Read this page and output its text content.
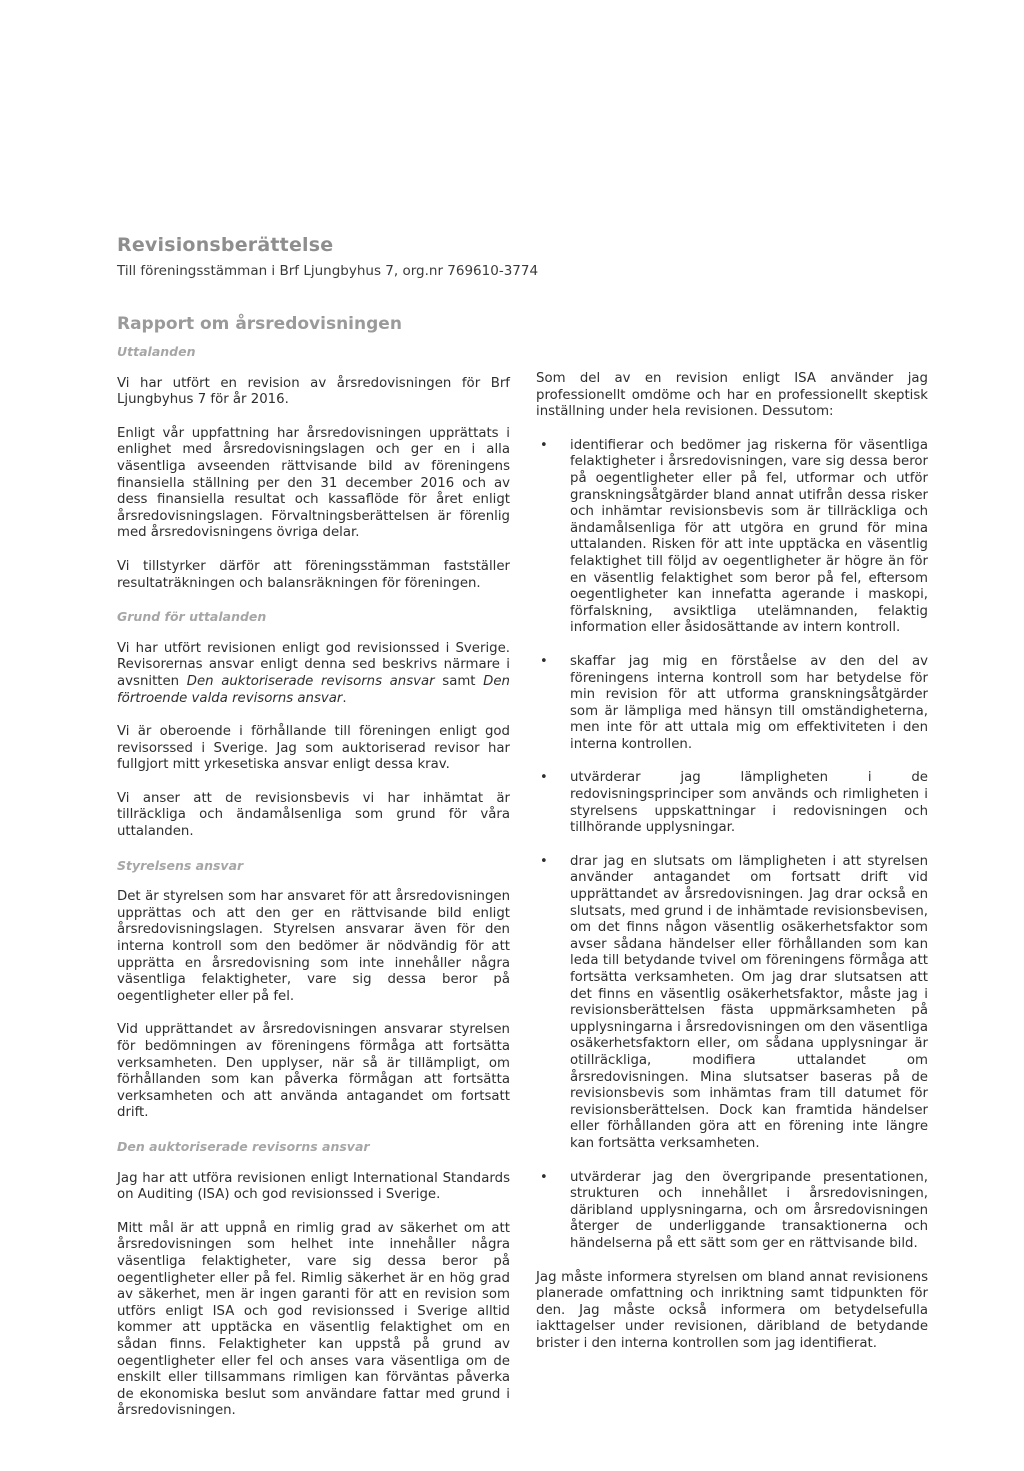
Revisionsberättelse
Till föreningsstämman i Brf Ljungbyhus 7, org.nr 769610-3774
Rapport om årsredovisningen
Uttalanden

Vi har utfört en revision av årsredovisningen för Brf Ljungbyhus 7 för år 2016.

Enligt vår uppfattning har årsredovisningen upprättats i enlighet med årsredovisningslagen och ger en i alla väsentliga avseenden rättvisande bild av föreningens finansiella ställning per den 31 december 2016 och av dess finansiella resultat och kassaflöde för året enligt årsredovisningslagen. Förvaltningsberättelsen är förenlig med årsredovisningens övriga delar.

Vi tillstyrker därför att föreningsstämman fastställer resultaträkningen och balansräkningen för föreningen.

Grund för uttalanden

Vi har utfört revisionen enligt god revisionssed i Sverige. Revisorernas ansvar enligt denna sed beskrivs närmare i avsnitten Den auktoriserade revisorns ansvar samt Den förtroende valda revisorns ansvar.

Vi är oberoende i förhållande till föreningen enligt god revisorssed i Sverige. Jag som auktoriserad revisor har fullgjort mitt yrkesetiska ansvar enligt dessa krav.

Vi anser att de revisionsbevis vi har inhämtat är tillräckliga och ändamålsenliga som grund för våra uttalanden.

Styrelsens ansvar

Det är styrelsen som har ansvaret för att årsredovisningen upprättas och att den ger en rättvisande bild enligt årsredovisningslagen. Styrelsen ansvarar även för den interna kontroll som den bedömer är nödvändig för att upprätta en årsredovisning som inte innehåller några väsentliga felaktigheter, vare sig dessa beror på oegentligheter eller på fel.

Vid upprättandet av årsredovisningen ansvarar styrelsen för bedömningen av föreningens förmåga att fortsätta verksamheten. Den upplyser, när så är tillämpligt, om förhållanden som kan påverka förmågan att fortsätta verksamheten och att använda antagandet om fortsatt drift.

Den auktoriserade revisorns ansvar

Jag har att utföra revisionen enligt International Standards on Auditing (ISA) och god revisionssed i Sverige.

Mitt mål är att uppnå en rimlig grad av säkerhet om att årsredovisningen som helhet inte innehåller några väsentliga felaktigheter, vare sig dessa beror på oegentligheter eller på fel. Rimlig säkerhet är en hög grad av säkerhet, men är ingen garanti för att en revision som utförs enligt ISA och god revisionssed i Sverige alltid kommer att upptäcka en väsentlig felaktighet om en sådan finns. Felaktigheter kan uppstå på grund av oegentligheter eller fel och anses vara väsentliga om de enskilt eller tillsammans rimligen kan förväntas påverka de ekonomiska beslut som användare fattar med grund i årsredovisningen.

Som del av en revision enligt ISA använder jag professionellt omdöme och har en professionellt skeptisk inställning under hela revisionen. Dessutom:

• identifierar och bedömer jag riskerna för väsentliga felaktigheter i årsredovisningen, vare sig dessa beror på oegentligheter eller på fel, utformar och utför granskningsåtgärder bland annat utifrån dessa risker och inhämtar revisionsbevis som är tillräckliga och ändamålsenliga för att utgöra en grund för mina uttalanden. Risken för att inte upptäcka en väsentlig felaktighet till följd av oegentligheter är högre än för en väsentlig felaktighet som beror på fel, eftersom oegentligheter kan innefatta agerande i maskopi, förfalskning, avsiktliga utelämnanden, felaktig information eller åsidosättande av intern kontroll.
• skaffar jag mig en förståelse av den del av föreningens interna kontroll som har betydelse för min revision för att utforma granskningsåtgärder som är lämpliga med hänsyn till omständigheterna, men inte för att uttala mig om effektiviteten i den interna kontrollen.
• utvärderar jag lämpligheten i de redovisningsprinciper som används och rimligheten i styrelsens uppskattningar i redovisningen och tillhörande upplysningar.
• drar jag en slutsats om lämpligheten i att styrelsen använder antagandet om fortsatt drift vid upprättandet av årsredovisningen. Jag drar också en slutsats, med grund i de inhämtade revisionsbevisen, om det finns någon väsentlig osäkerhetsfaktor som avser sådana händelser eller förhållanden som kan leda till betydande tvivel om föreningens förmåga att fortsätta verksamheten. Om jag drar slutsatsen att det finns en väsentlig osäkerhetsfaktor, måste jag i revisionsberättelsen fästa uppmärksamheten på upplysningarna i årsredovisningen om den väsentliga osäkerhetsfaktorn eller, om sådana upplysningar är otillräckliga, modifiera uttalandet om årsredovisningen. Mina slutsatser baseras på de revisionsbevis som inhämtas fram till datumet för revisionsberättelsen. Dock kan framtida händelser eller förhållanden göra att en förening inte längre kan fortsätta verksamheten.
• utvärderar jag den övergripande presentationen, strukturen och innehållet i årsredovisningen, däribland upplysningarna, och om årsredovisningen återger de underliggande transaktionerna och händelserna på ett sätt som ger en rättvisande bild.

Jag måste informera styrelsen om bland annat revisionens planerade omfattning och inriktning samt tidpunkten för den. Jag måste också informera om betydelsefulla iakttagelser under revisionen, däribland de betydande brister i den interna kontrollen som jag identifierat.
